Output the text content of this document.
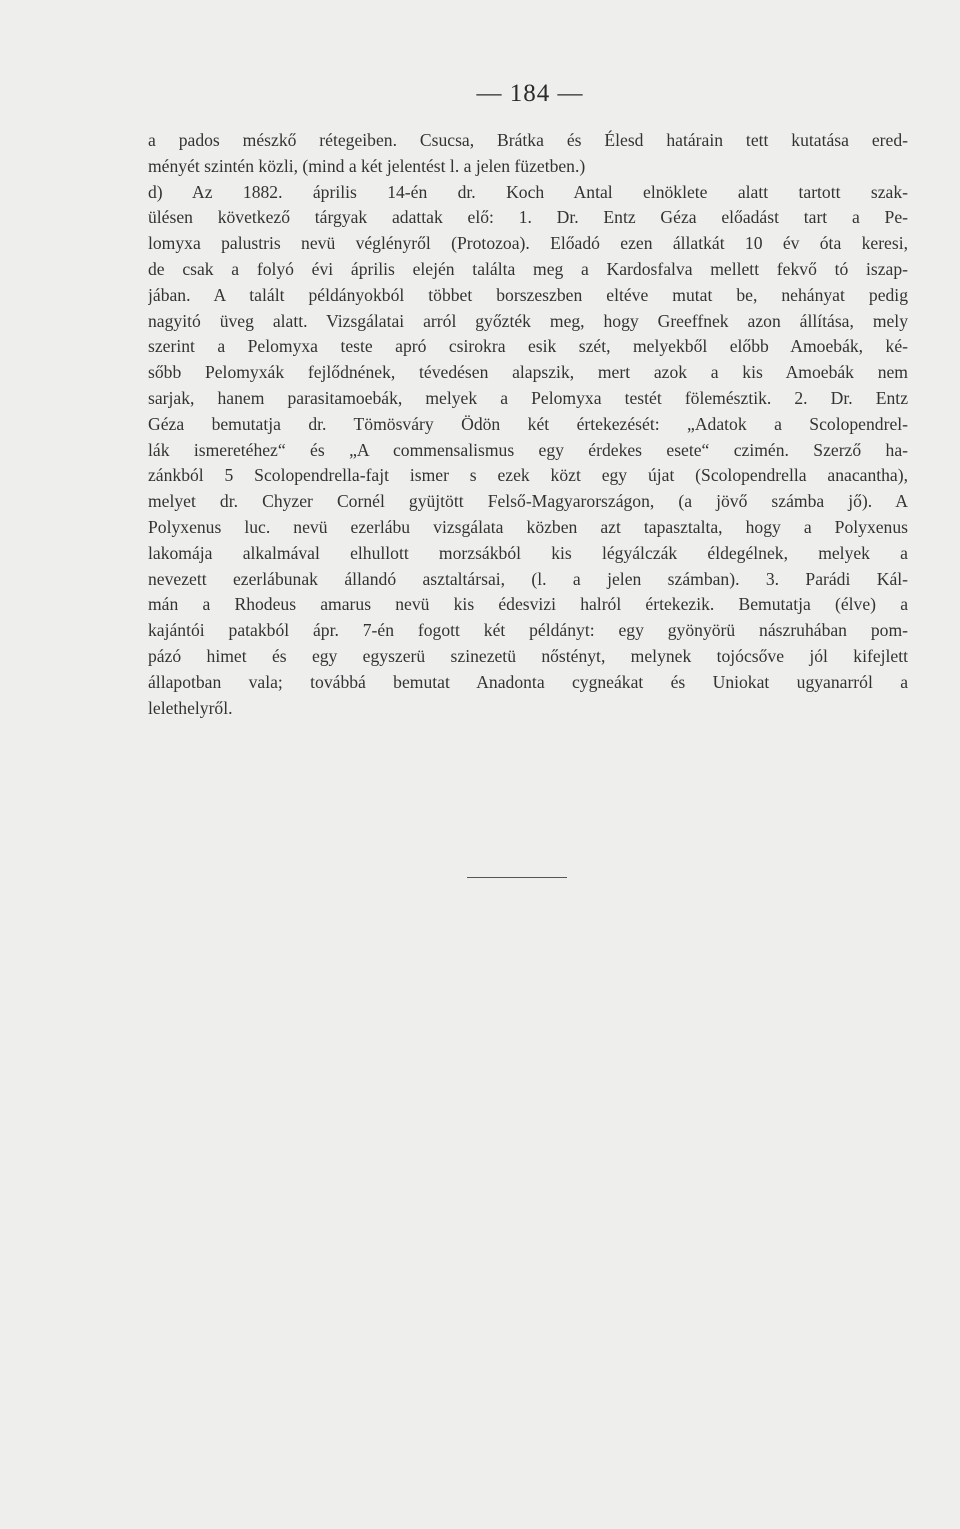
— 184 —
a pados mészkő rétegeiben. Csucsa, Brátka és Élesd határain tett kutatása ered-
ményét szintén közli, (mind a két jelentést l. a jelen füzetben.)
d) Az 1882. április 14-én dr. Koch Antal elnöklete alatt tartott szak-
ülésen következő tárgyak adattak elő: 1. Dr. Entz Géza előadást tart a Pe-
lomyxa palustris nevü véglényről (Protozoa). Előadó ezen állatkát 10 év óta keresi,
de csak a folyó évi április elején találta meg a Kardosfalva mellett fekvő tó iszap-
jában. A talált példányokból többet borszeszben eltéve mutat be, nehányat pedig
nagyitó üveg alatt. Vizsgálatai arról győzték meg, hogy Greeffnek azon állítása, mely
szerint a Pelomyxa teste apró csirokra esik szét, melyekből előbb Amoebák, ké-
sőbb Pelomyxák fejlődnének, tévedésen alapszik, mert azok a kis Amoebák nem
sarjak, hanem parasitamoebák, melyek a Pelomyxa testét fölemésztik. 2. Dr. Entz
Géza bemutatja dr. Tömösváry Ödön két értekezését: „Adatok a Scolopendrel-
lák ismeretéhez“ és „A commensalismus egy érdekes esete“ czimén. Szerző ha-
zánkból 5 Scolopendrella-fajt ismer s ezek közt egy újat (Scolopendrella anacantha),
melyet dr. Chyzer Cornél gyüjtött Felső-Magyarországon, (a jövő számba jő). A
Polyxenus luc. nevü ezerlábu vizsgálata közben azt tapasztalta, hogy a Polyxenus
lakomája alkalmával elhullott morzsákból kis légyálczák éldegélnek, melyek a
nevezett ezerlábunak állandó asztaltársai, (l. a jelen számban). 3. Parádi Kál-
mán a Rhodeus amarus nevü kis édesvizi halról értekezik. Bemutatja (élve) a
kajántói patakból ápr. 7-én fogott két példányt: egy gyönyörü nászruhában pom-
pázó himet és egy egyszerü szinezetü nőstényt, melynek tojócsőve jól kifejlett
állapotban vala; továbbá bemutat Anadonta cygneákat és Uniokat ugyanarról a
lelethelyről.
